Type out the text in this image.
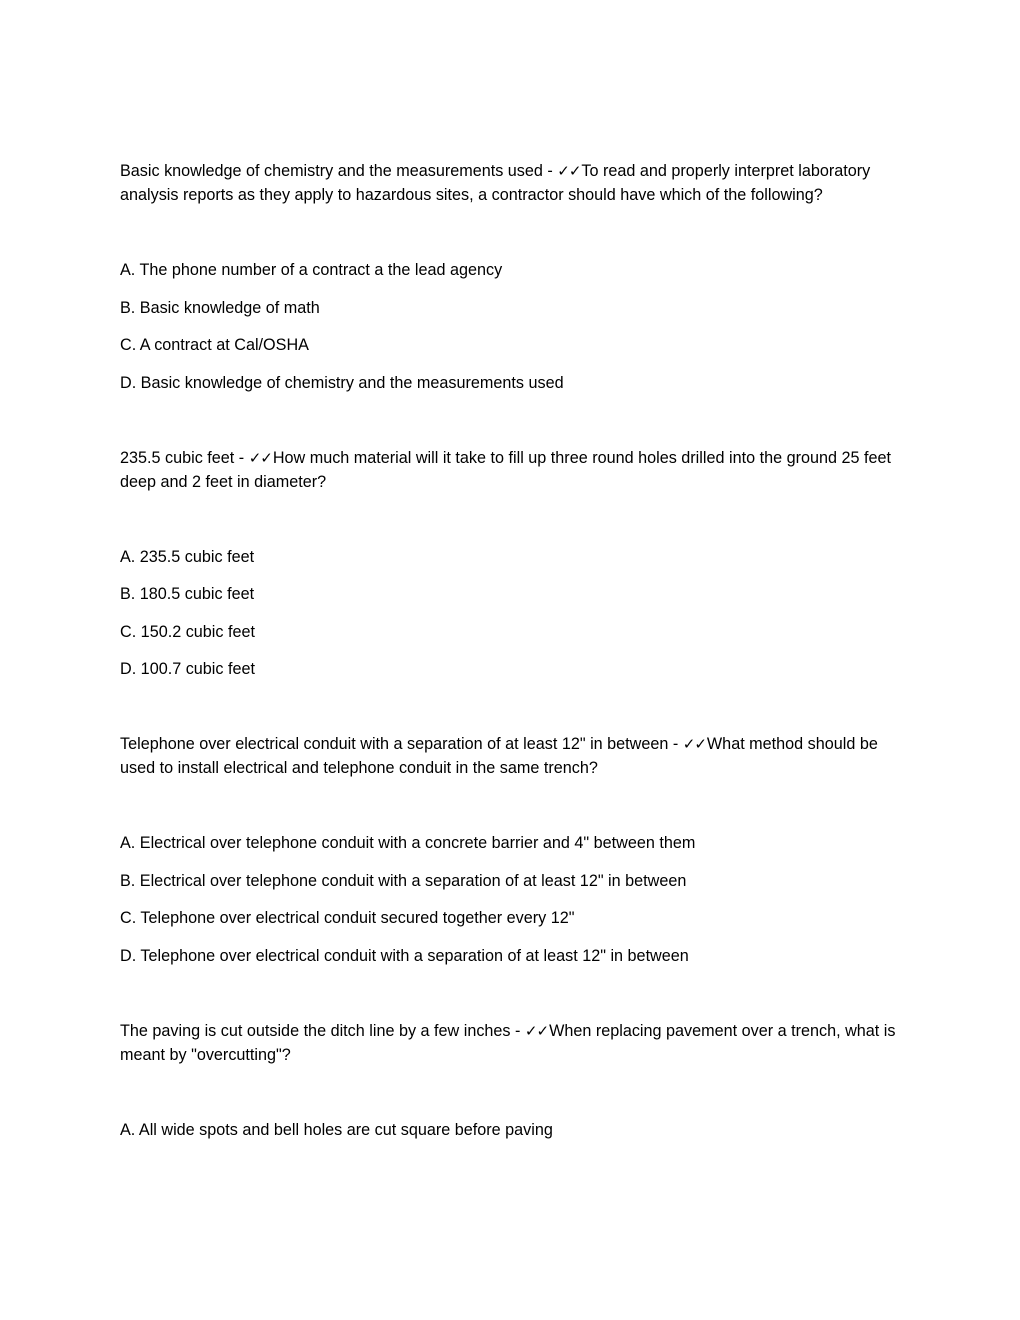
Basic knowledge of chemistry and the measurements used - ✓✓To read and properly interpret laboratory analysis reports as they apply to hazardous sites, a contractor should have which of the following?

A. The phone number of a contract a the lead agency
B. Basic knowledge of math
C. A contract at Cal/OSHA
D. Basic knowledge of chemistry and the measurements used

235.5 cubic feet - ✓✓How much material will it take to fill up three round holes drilled into the ground 25 feet deep and 2 feet in diameter?

A. 235.5 cubic feet
B. 180.5 cubic feet
C. 150.2 cubic feet
D. 100.7 cubic feet

Telephone over electrical conduit with a separation of at least 12" in between - ✓✓What method should be used to install electrical and telephone conduit in the same trench?

A. Electrical over telephone conduit with a concrete barrier and 4" between them
B. Electrical over telephone conduit with a separation of at least 12" in between
C. Telephone over electrical conduit secured together every 12"
D. Telephone over electrical conduit with a separation of at least 12" in between

The paving is cut outside the ditch line by a few inches - ✓✓When replacing pavement over a trench, what is meant by "overcutting"?

A. All wide spots and bell holes are cut square before paving
